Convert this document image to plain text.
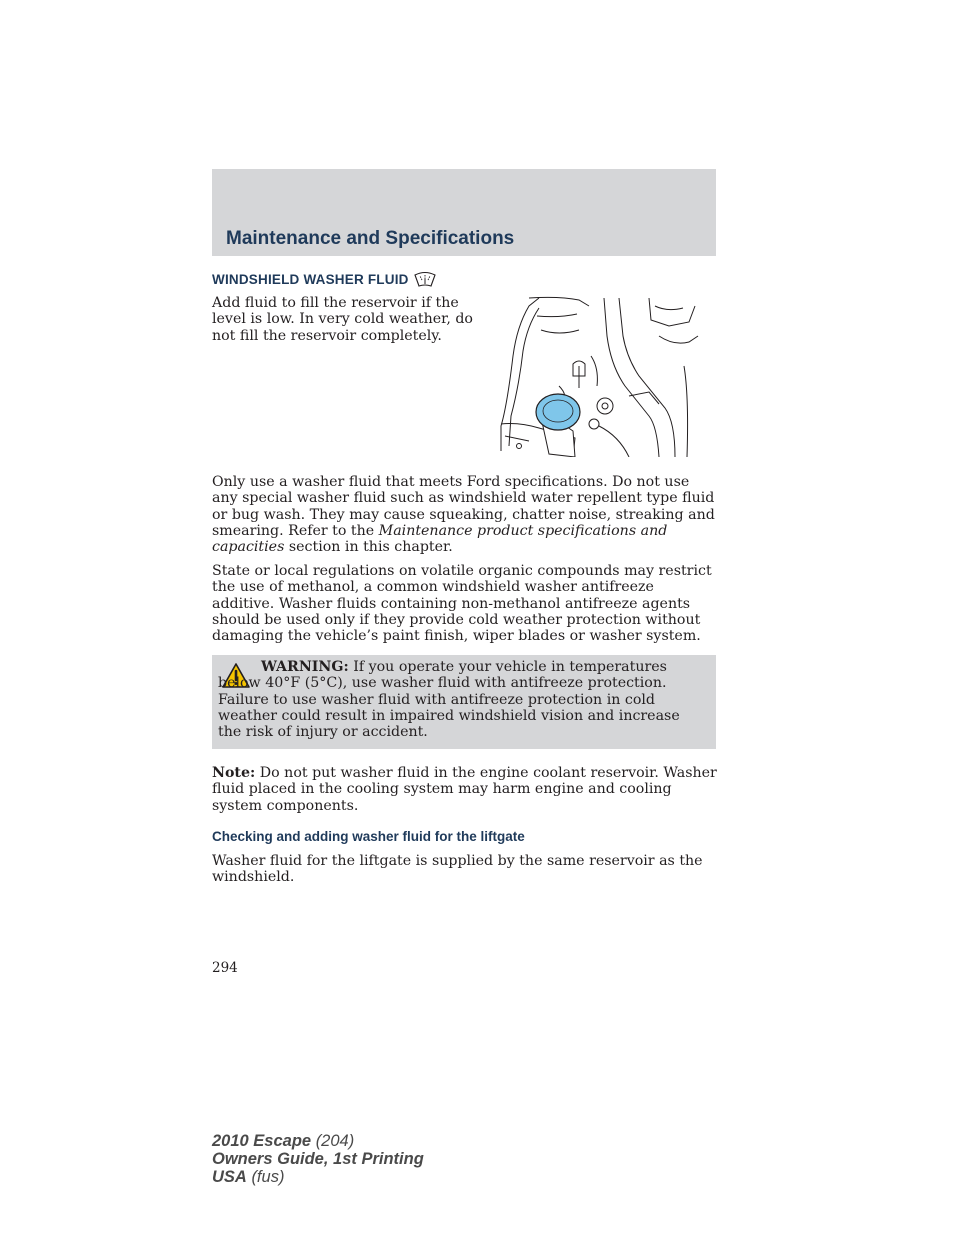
Maintenance and Specifications
WINDSHIELD WASHER FLUID

Add fluid to fill the reservoir if the level is low. In very cold weather, do not fill the reservoir completely.

Only use a washer fluid that meets Ford specifications. Do not use any special washer fluid such as windshield water repellent type fluid or bug wash. They may cause squeaking, chatter noise, streaking and smearing. Refer to the Maintenance product specifications and capacities section in this chapter.

State or local regulations on volatile organic compounds may restrict the use of methanol, a common windshield washer antifreeze additive. Washer fluids containing non-methanol antifreeze agents should be used only if they provide cold weather protection without damaging the vehicle’s paint finish, wiper blades or washer system.

WARNING: If you operate your vehicle in temperatures below 40°F (5°C), use washer fluid with antifreeze protection. Failure to use washer fluid with antifreeze protection in cold weather could result in impaired windshield vision and increase the risk of injury or accident.

Note: Do not put washer fluid in the engine coolant reservoir. Washer fluid placed in the cooling system may harm engine and cooling system components.

Checking and adding washer fluid for the liftgate

Washer fluid for the liftgate is supplied by the same reservoir as the windshield.

294
2010 Escape (204)
Owners Guide, 1st Printing
USA (fus)
